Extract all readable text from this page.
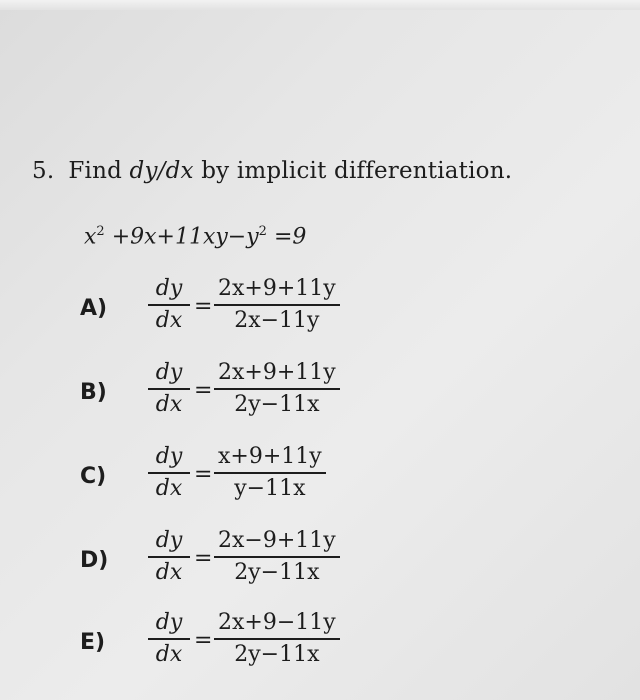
5. Find dy/dx by implicit differentiation.
$x^2 +9x+11xy-y^2 =9$
A)
dy
dx
=
2x+9+11y
2x−11y
B)
dy
dx
=
2x+9+11y
2y−11x
C)
dy
dx
=
x+9+11y
y−11x
D)
dy
dx
=
2x−9+11y
2y−11x
E)
dy
dx
=
2x+9−11y
2y−11x
